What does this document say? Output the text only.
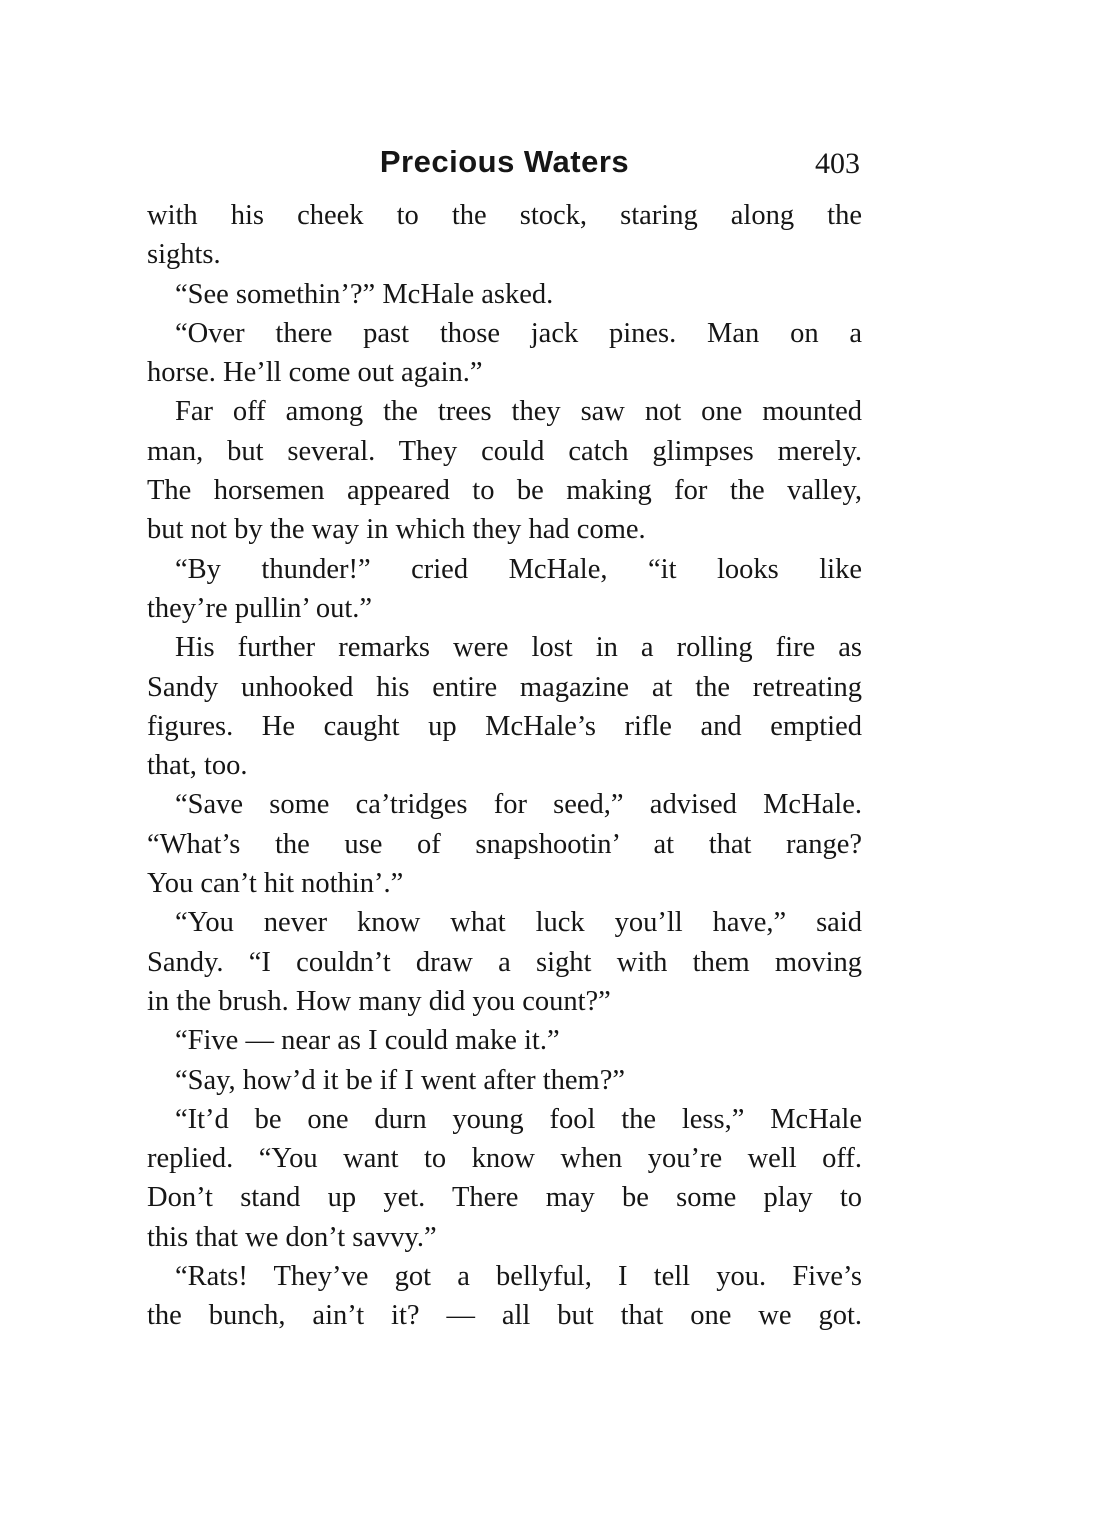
Precious Waters	403
with his cheek to the stock, staring along the
sights.
“See somethin’?” McHale asked.
“Over there past those jack pines. Man on a
horse. He’ll come out again.”
Far off among the trees they saw not one mounted
man, but several. They could catch glimpses merely.
The horsemen appeared to be making for the valley,
but not by the way in which they had come.
“By thunder!” cried McHale, “it looks like
they’re pullin’ out.”
His further remarks were lost in a rolling fire as
Sandy unhooked his entire magazine at the retreating
figures. He caught up McHale’s rifle and emptied
that, too.
“Save some ca’tridges for seed,” advised McHale.
“What’s the use of snapshootin’ at that range?
You can’t hit nothin’.”
“You never know what luck you’ll have,” said
Sandy. “I couldn’t draw a sight with them moving
in the brush. How many did you count?”
“Five — near as I could make it.”
“Say, how’d it be if I went after them?”
“It’d be one durn young fool the less,” McHale
replied. “You want to know when you’re well off.
Don’t stand up yet. There may be some play to
this that we don’t savvy.”
“Rats! They’ve got a bellyful, I tell you. Five’s
the bunch, ain’t it? — all but that one we got.
